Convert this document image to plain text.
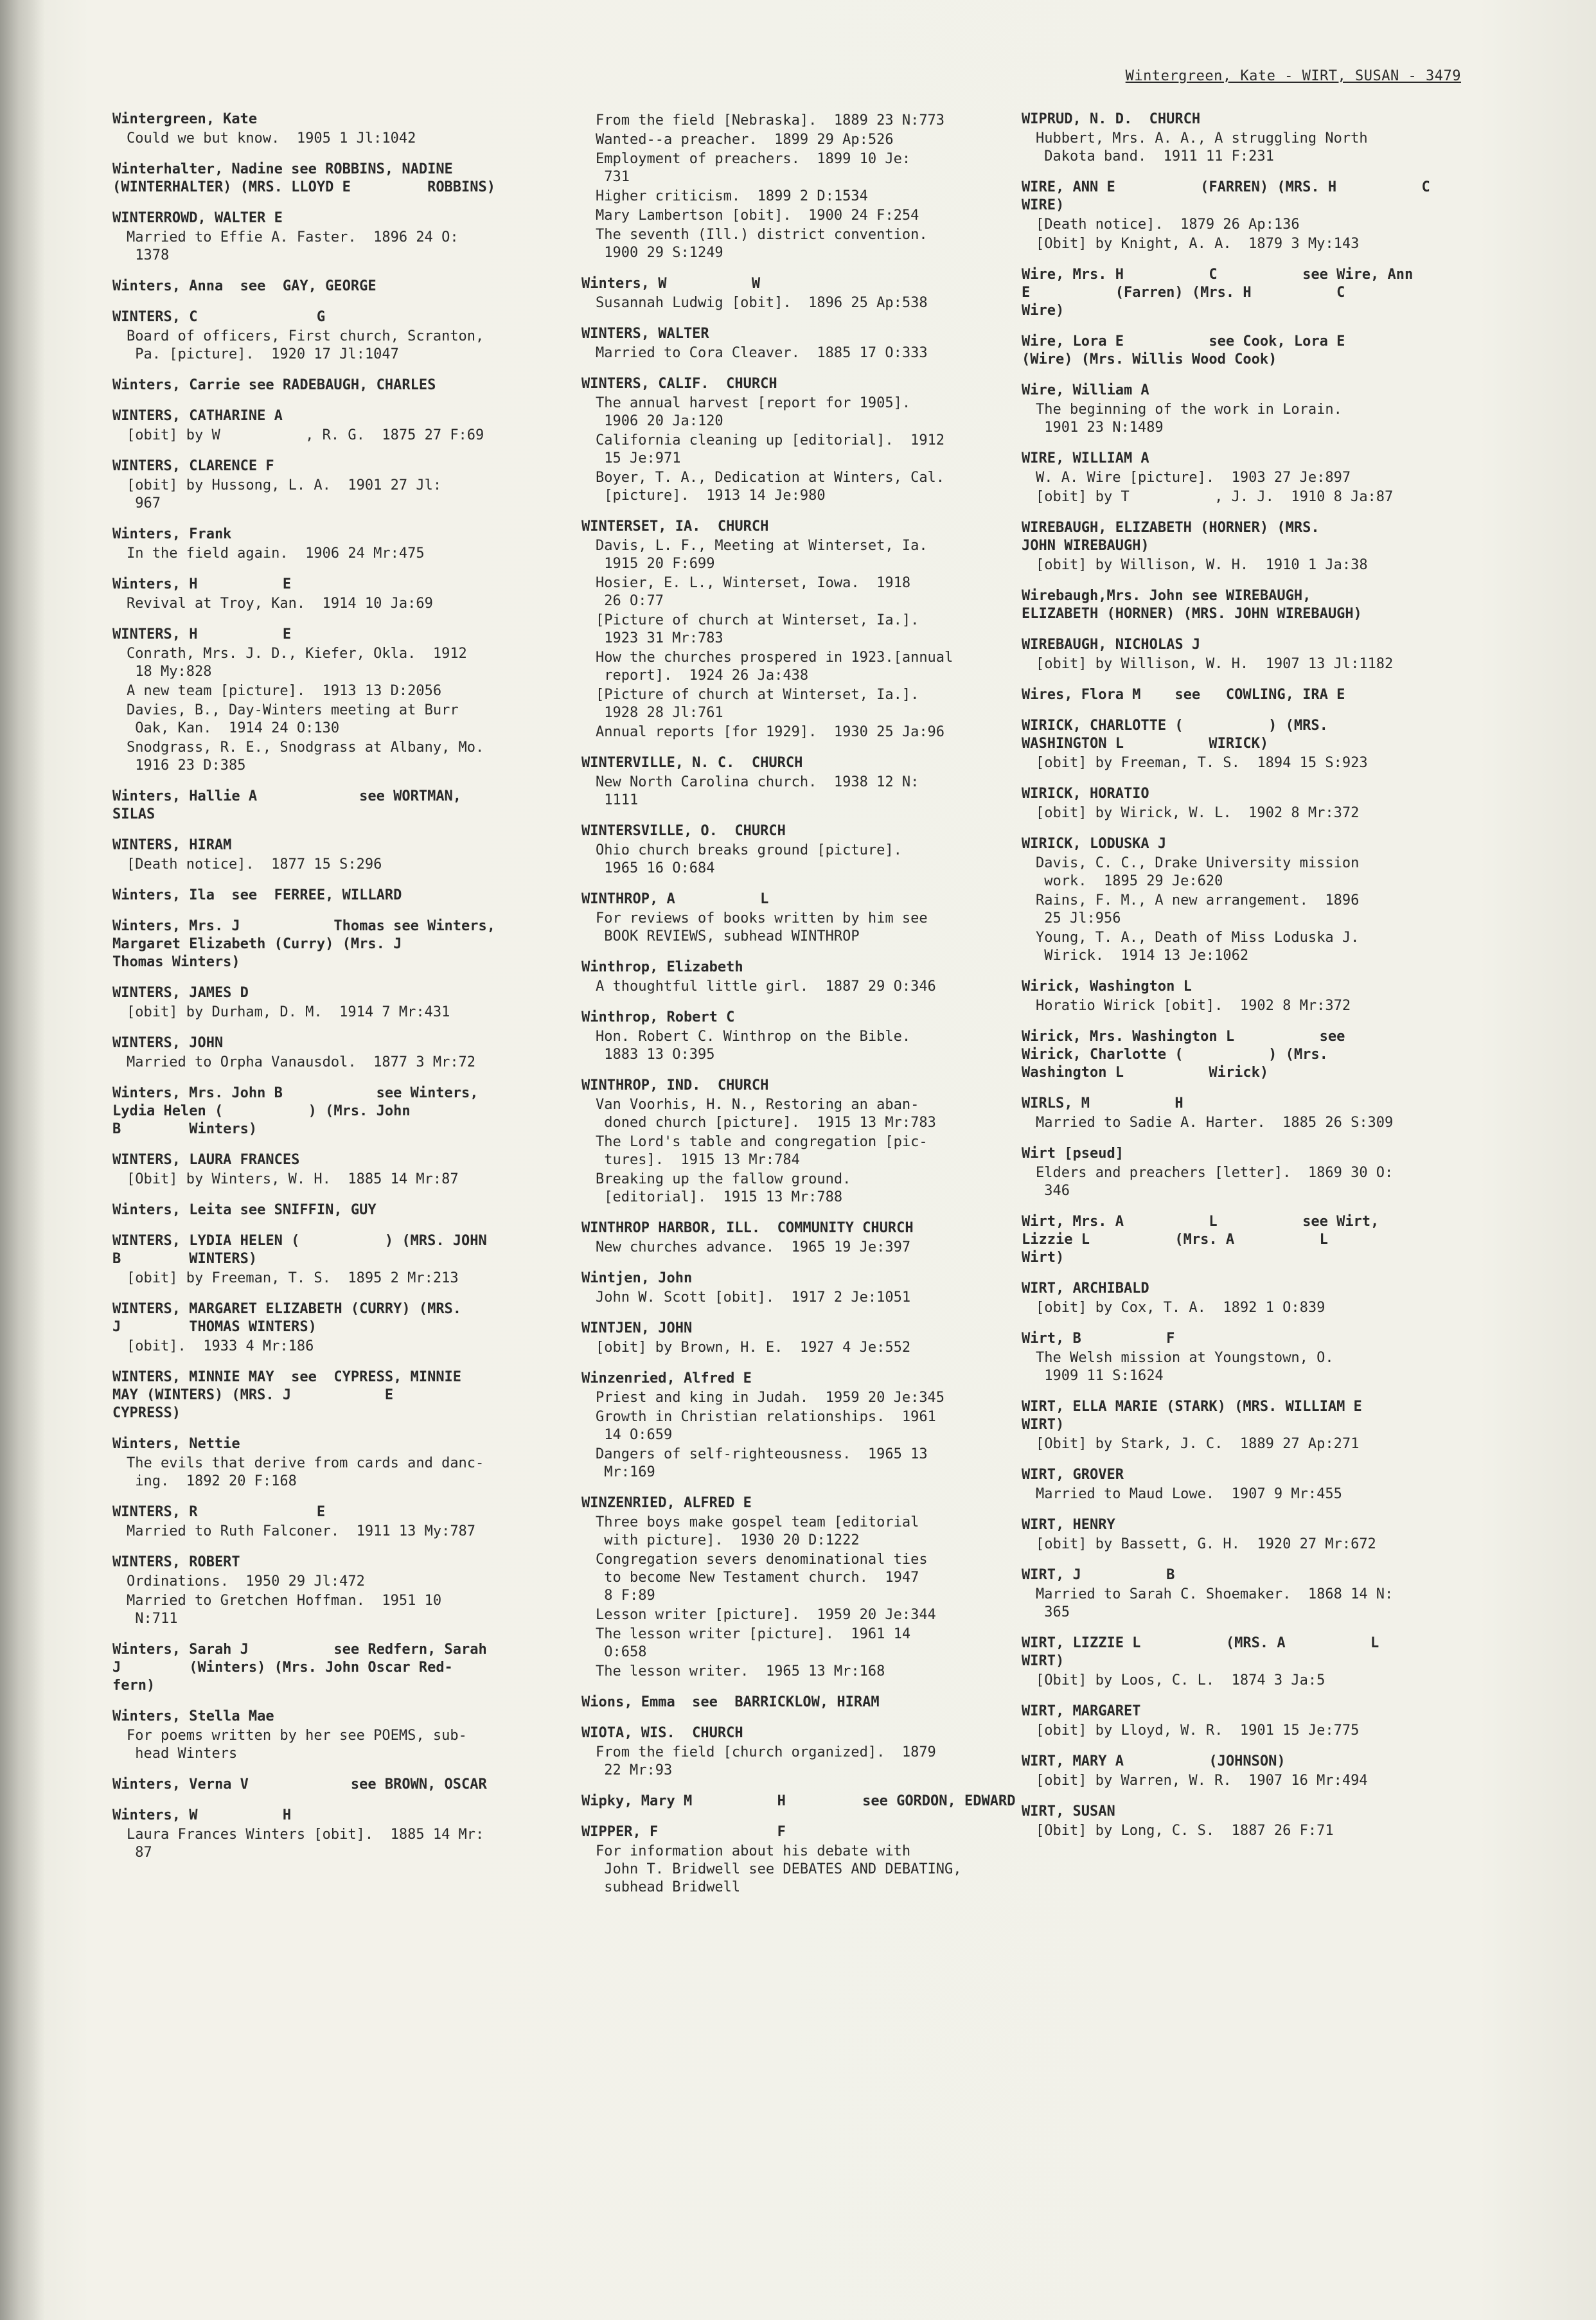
Wintergreen, Kate - WIRT, SUSAN - 3479
Wintergreen, Kate
Could we but know.  1905 1 Jl:1042
Winterhalter, Nadine see ROBBINS, NADINE
(WINTERHALTER) (MRS. LLOYD E         ROBBINS)
WINTERROWD, WALTER E
Married to Effie A. Faster.  1896 24 O:
1378
Winters, Anna  see  GAY, GEORGE
WINTERS, C              G
Board of officers, First church, Scranton,
Pa. [picture].  1920 17 Jl:1047
Winters, Carrie see RADEBAUGH, CHARLES
WINTERS, CATHARINE A
[obit] by W          , R. G.  1875 27 F:69
WINTERS, CLARENCE F
[obit] by Hussong, L. A.  1901 27 Jl:
967
Winters, Frank
In the field again.  1906 24 Mr:475
Winters, H          E
Revival at Troy, Kan.  1914 10 Ja:69
WINTERS, H          E
Conrath, Mrs. J. D., Kiefer, Okla.  1912
18 My:828
A new team [picture].  1913 13 D:2056
Davies, B., Day-Winters meeting at Burr
Oak, Kan.  1914 24 O:130
Snodgrass, R. E., Snodgrass at Albany, Mo.
1916 23 D:385
Winters, Hallie A            see WORTMAN,
SILAS
WINTERS, HIRAM
[Death notice].  1877 15 S:296
Winters, Ila  see  FERREE, WILLARD
Winters, Mrs. J           Thomas see Winters,
Margaret Elizabeth (Curry) (Mrs. J
Thomas Winters)
WINTERS, JAMES D
[obit] by Durham, D. M.  1914 7 Mr:431
WINTERS, JOHN
Married to Orpha Vanausdol.  1877 3 Mr:72
Winters, Mrs. John B           see Winters,
Lydia Helen (          ) (Mrs. John
B        Winters)
WINTERS, LAURA FRANCES
[Obit] by Winters, W. H.  1885 14 Mr:87
Winters, Leita see SNIFFIN, GUY
WINTERS, LYDIA HELEN (          ) (MRS. JOHN
B        WINTERS)
[obit] by Freeman, T. S.  1895 2 Mr:213
WINTERS, MARGARET ELIZABETH (CURRY) (MRS.
J        THOMAS WINTERS)
[obit].  1933 4 Mr:186
WINTERS, MINNIE MAY  see  CYPRESS, MINNIE
MAY (WINTERS) (MRS. J           E
CYPRESS)
Winters, Nettie
The evils that derive from cards and danc-
ing.  1892 20 F:168
WINTERS, R              E
Married to Ruth Falconer.  1911 13 My:787
WINTERS, ROBERT
Ordinations.  1950 29 Jl:472
Married to Gretchen Hoffman.  1951 10
N:711
Winters, Sarah J          see Redfern, Sarah
J        (Winters) (Mrs. John Oscar Red-
fern)
Winters, Stella Mae
For poems written by her see POEMS, sub-
head Winters
Winters, Verna V            see BROWN, OSCAR
Winters, W          H
Laura Frances Winters [obit].  1885 14 Mr:
87
From the field [Nebraska].  1889 23 N:773
Wanted--a preacher.  1899 29 Ap:526
Employment of preachers.  1899 10 Je:
731
Higher criticism.  1899 2 D:1534
Mary Lambertson [obit].  1900 24 F:254
The seventh (Ill.) district convention.
1900 29 S:1249
Winters, W          W
Susannah Ludwig [obit].  1896 25 Ap:538
WINTERS, WALTER
Married to Cora Cleaver.  1885 17 O:333
WINTERS, CALIF.  CHURCH
The annual harvest [report for 1905].
1906 20 Ja:120
California cleaning up [editorial].  1912
15 Je:971
Boyer, T. A., Dedication at Winters, Cal.
[picture].  1913 14 Je:980
WINTERSET, IA.  CHURCH
Davis, L. F., Meeting at Winterset, Ia.
1915 20 F:699
Hosier, E. L., Winterset, Iowa.  1918
26 O:77
[Picture of church at Winterset, Ia.].
1923 31 Mr:783
How the churches prospered in 1923.[annual
report].  1924 26 Ja:438
[Picture of church at Winterset, Ia.].
1928 28 Jl:761
Annual reports [for 1929].  1930 25 Ja:96
WINTERVILLE, N. C.  CHURCH
New North Carolina church.  1938 12 N:
1111
WINTERSVILLE, O.  CHURCH
Ohio church breaks ground [picture].
1965 16 O:684
WINTHROP, A          L
For reviews of books written by him see
BOOK REVIEWS, subhead WINTHROP
Winthrop, Elizabeth
A thoughtful little girl.  1887 29 O:346
Winthrop, Robert C
Hon. Robert C. Winthrop on the Bible.
1883 13 O:395
WINTHROP, IND.  CHURCH
Van Voorhis, H. N., Restoring an aban-
doned church [picture].  1915 13 Mr:783
The Lord's table and congregation [pic-
tures].  1915 13 Mr:784
Breaking up the fallow ground.
[editorial].  1915 13 Mr:788
WINTHROP HARBOR, ILL.  COMMUNITY CHURCH
New churches advance.  1965 19 Je:397
Wintjen, John
John W. Scott [obit].  1917 2 Je:1051
WINTJEN, JOHN
[obit] by Brown, H. E.  1927 4 Je:552
Winzenried, Alfred E
Priest and king in Judah.  1959 20 Je:345
Growth in Christian relationships.  1961
14 O:659
Dangers of self-righteousness.  1965 13
Mr:169
WINZENRIED, ALFRED E
Three boys make gospel team [editorial
with picture].  1930 20 D:1222
Congregation severs denominational ties
to become New Testament church.  1947
8 F:89
Lesson writer [picture].  1959 20 Je:344
The lesson writer [picture].  1961 14
O:658
The lesson writer.  1965 13 Mr:168
Wions, Emma  see  BARRICKLOW, HIRAM
WIOTA, WIS.  CHURCH
From the field [church organized].  1879
22 Mr:93
Wipky, Mary M          H         see GORDON, EDWARD
WIPPER, F              F
For information about his debate with
John T. Bridwell see DEBATES AND DEBATING,
subhead Bridwell
WIPRUD, N. D.  CHURCH
Hubbert, Mrs. A. A., A struggling North
Dakota band.  1911 11 F:231
WIRE, ANN E          (FARREN) (MRS. H          C
WIRE)
[Death notice].  1879 26 Ap:136
[Obit] by Knight, A. A.  1879 3 My:143
Wire, Mrs. H          C          see Wire, Ann
E          (Farren) (Mrs. H          C
Wire)
Wire, Lora E          see Cook, Lora E
(Wire) (Mrs. Willis Wood Cook)
Wire, William A
The beginning of the work in Lorain.
1901 23 N:1489
WIRE, WILLIAM A
W. A. Wire [picture].  1903 27 Je:897
[obit] by T          , J. J.  1910 8 Ja:87
WIREBAUGH, ELIZABETH (HORNER) (MRS.
JOHN WIREBAUGH)
[obit] by Willison, W. H.  1910 1 Ja:38
Wirebaugh,Mrs. John see WIREBAUGH,
ELIZABETH (HORNER) (MRS. JOHN WIREBAUGH)
WIREBAUGH, NICHOLAS J
[obit] by Willison, W. H.  1907 13 Jl:1182
Wires, Flora M    see   COWLING, IRA E
WIRICK, CHARLOTTE (          ) (MRS.
WASHINGTON L          WIRICK)
[obit] by Freeman, T. S.  1894 15 S:923
WIRICK, HORATIO
[obit] by Wirick, W. L.  1902 8 Mr:372
WIRICK, LODUSKA J
Davis, C. C., Drake University mission
work.  1895 29 Je:620
Rains, F. M., A new arrangement.  1896
25 Jl:956
Young, T. A., Death of Miss Loduska J.
Wirick.  1914 13 Je:1062
Wirick, Washington L
Horatio Wirick [obit].  1902 8 Mr:372
Wirick, Mrs. Washington L          see
Wirick, Charlotte (          ) (Mrs.
Washington L          Wirick)
WIRLS, M          H
Married to Sadie A. Harter.  1885 26 S:309
Wirt [pseud]
Elders and preachers [letter].  1869 30 O:
346
Wirt, Mrs. A          L          see Wirt,
Lizzie L          (Mrs. A          L
Wirt)
WIRT, ARCHIBALD
[obit] by Cox, T. A.  1892 1 O:839
Wirt, B          F
The Welsh mission at Youngstown, O.
1909 11 S:1624
WIRT, ELLA MARIE (STARK) (MRS. WILLIAM E
WIRT)
[Obit] by Stark, J. C.  1889 27 Ap:271
WIRT, GROVER
Married to Maud Lowe.  1907 9 Mr:455
WIRT, HENRY
[obit] by Bassett, G. H.  1920 27 Mr:672
WIRT, J          B
Married to Sarah C. Shoemaker.  1868 14 N:
365
WIRT, LIZZIE L          (MRS. A          L
WIRT)
[Obit] by Loos, C. L.  1874 3 Ja:5
WIRT, MARGARET
[obit] by Lloyd, W. R.  1901 15 Je:775
WIRT, MARY A          (JOHNSON)
[obit] by Warren, W. R.  1907 16 Mr:494
WIRT, SUSAN
[Obit] by Long, C. S.  1887 26 F:71
